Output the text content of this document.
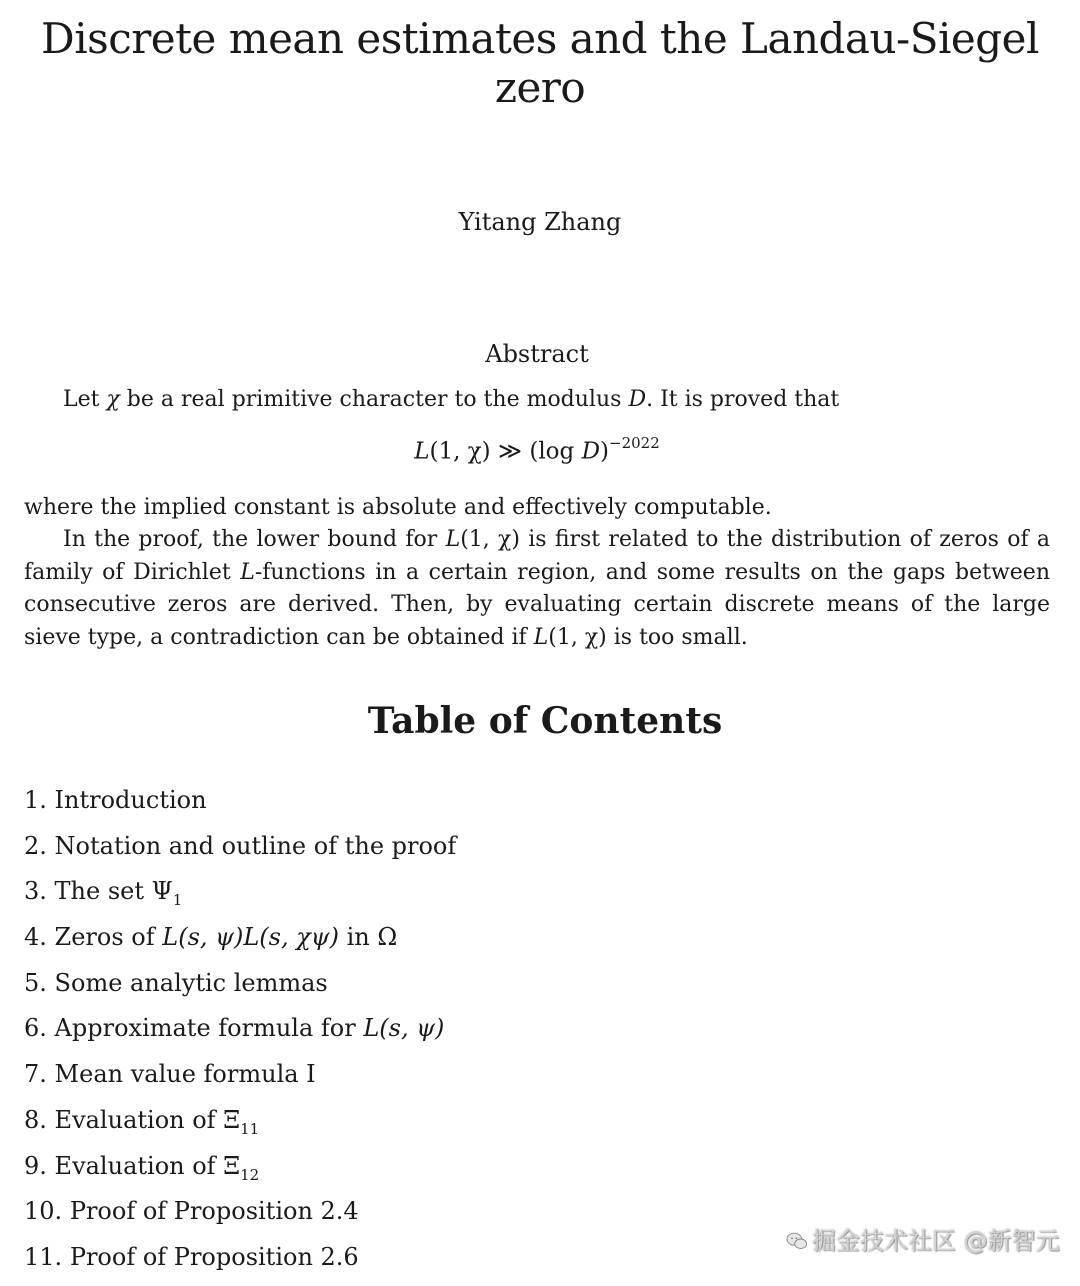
Discrete mean estimates and the Landau-Siegel zero
Yitang Zhang
Abstract
Let χ be a real primitive character to the modulus D. It is proved that
L(1, χ) ≫ (log D)$^{-2022}$
where the implied constant is absolute and effectively computable.
In the proof, the lower bound for L(1, χ) is first related to the distribution of zeros of a family of Dirichlet L-functions in a certain region, and some results on the gaps between consecutive zeros are derived. Then, by evaluating certain discrete means of the large sieve type, a contradiction can be obtained if L(1, χ) is too small.
Table of Contents
1. Introduction
2. Notation and outline of the proof
3. The set $\Psi_1$
4. Zeros of L(s, ψ)L(s, χψ) in Ω
5. Some analytic lemmas
6. Approximate formula for L(s, ψ)
7. Mean value formula I
8. Evaluation of $\Xi_{11}$
9. Evaluation of $\Xi_{12}$
10. Proof of Proposition 2.4
11. Proof of Proposition 2.6
掘金技术社区 @新智元
